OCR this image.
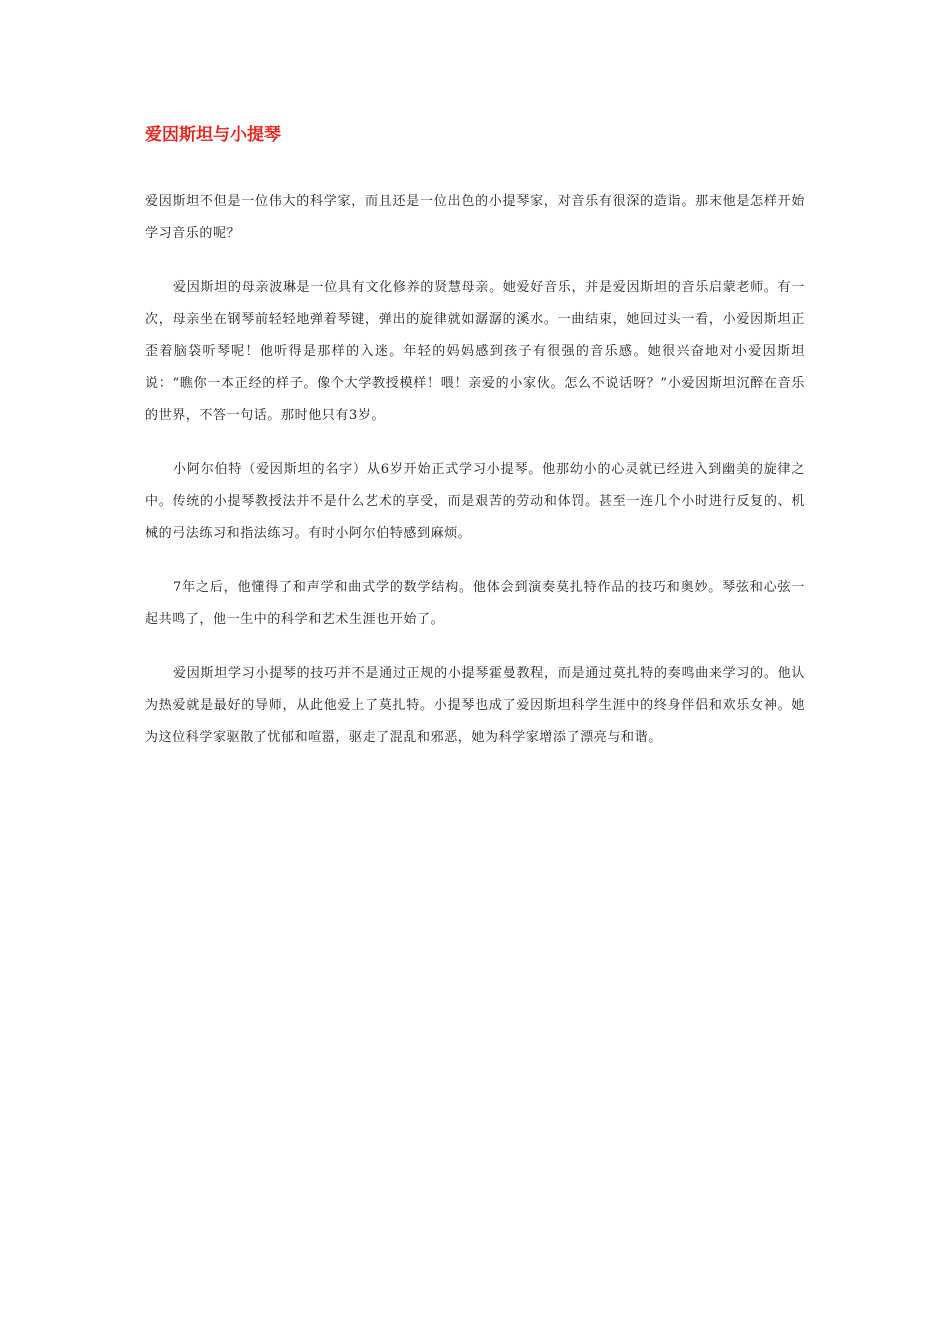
爱因斯坦与小提琴

爱因斯坦不但是一位伟大的科学家，而且还是一位出色的小提琴家，对音乐有很深的造诣。那末他是怎样开始学习音乐的呢？

爱因斯坦的母亲波琳是一位具有文化修养的贤慧母亲。她爱好音乐，并是爱因斯坦的音乐启蒙老师。有一次，母亲坐在钢琴前轻轻地弹着琴键，弹出的旋律就如潺潺的溪水。一曲结束，她回过头一看，小爱因斯坦正歪着脑袋听琴呢！他听得是那样的入迷。年轻的妈妈感到孩子有很强的音乐感。她很兴奋地对小爱因斯坦说：“瞧你一本正经的样子。像个大学教授模样！喂！亲爱的小家伙。怎么不说话呀？”小爱因斯坦沉醉在音乐的世界，不答一句话。那时他只有3岁。

小阿尔伯特（爱因斯坦的名字）从6岁开始正式学习小提琴。他那幼小的心灵就已经进入到幽美的旋律之中。传统的小提琴教授法并不是什么艺术的享受，而是艰苦的劳动和体罚。甚至一连几个小时进行反复的、机械的弓法练习和指法练习。有时小阿尔伯特感到麻烦。

7年之后，他懂得了和声学和曲式学的数学结构。他体会到演奏莫扎特作品的技巧和奥妙。琴弦和心弦一起共鸣了，他一生中的科学和艺术生涯也开始了。

爱因斯坦学习小提琴的技巧并不是通过正规的小提琴霍曼教程，而是通过莫扎特的奏鸣曲来学习的。他认为热爱就是最好的导师，从此他爱上了莫扎特。小提琴也成了爱因斯坦科学生涯中的终身伴侣和欢乐女神。她为这位科学家驱散了忧郁和喧嚣，驱走了混乱和邪恶，她为科学家增添了漂亮与和谐。
